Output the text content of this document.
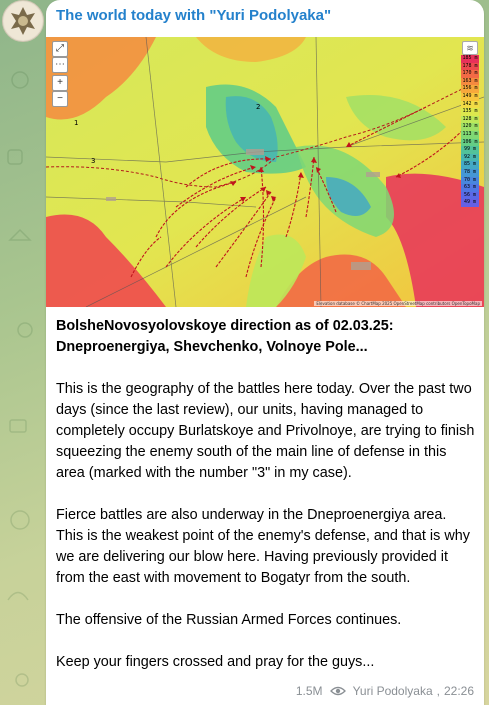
The world today with "Yuri Podolyaka"
1
2
3
⤢
⋯
+
−
≋
185 m
178 m
170 m
163 m
156 m
149 m
142 m
135 m
128 m
120 m
113 m
106 m
99 m
92 m
85 m
78 m
70 m
63 m
56 m
49 m
Elevation database © ChartMap 2025 OpenStreetMap contributors OpenTopoMap
BolsheNovosyolovskoye direction as of 02.03.25: Dneproenergiya, Shevchenko, Volnoye Pole...
This is the geography of the battles here today. Over the past two days (since the last review), our units, having managed to completely occupy Burlatskoye and Privolnoye, are trying to finish squeezing the enemy south of the main line of defense in this area (marked with the number "3" in my case).
Fierce battles are also underway in the Dneproenergiya area. This is the weakest point of the enemy's defense, and that is why we are delivering our blow here. Having previously provided it from the east with movement to Bogatyr from the south.
The offensive of the Russian Armed Forces continues.
Keep your fingers crossed and pray for the guys...
1.5M	Yuri Podolyaka , 22:26
